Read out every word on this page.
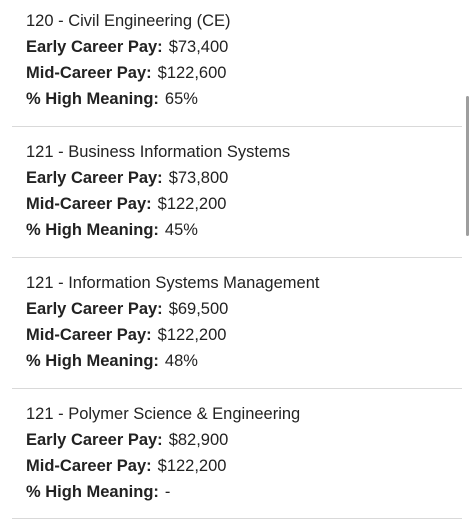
120 - Civil Engineering (CE)
Early Career Pay: $73,400
Mid-Career Pay: $122,600
% High Meaning: 65%
121 - Business Information Systems
Early Career Pay: $73,800
Mid-Career Pay: $122,200
% High Meaning: 45%
121 - Information Systems Management
Early Career Pay: $69,500
Mid-Career Pay: $122,200
% High Meaning: 48%
121 - Polymer Science & Engineering
Early Career Pay: $82,900
Mid-Career Pay: $122,200
% High Meaning: -
